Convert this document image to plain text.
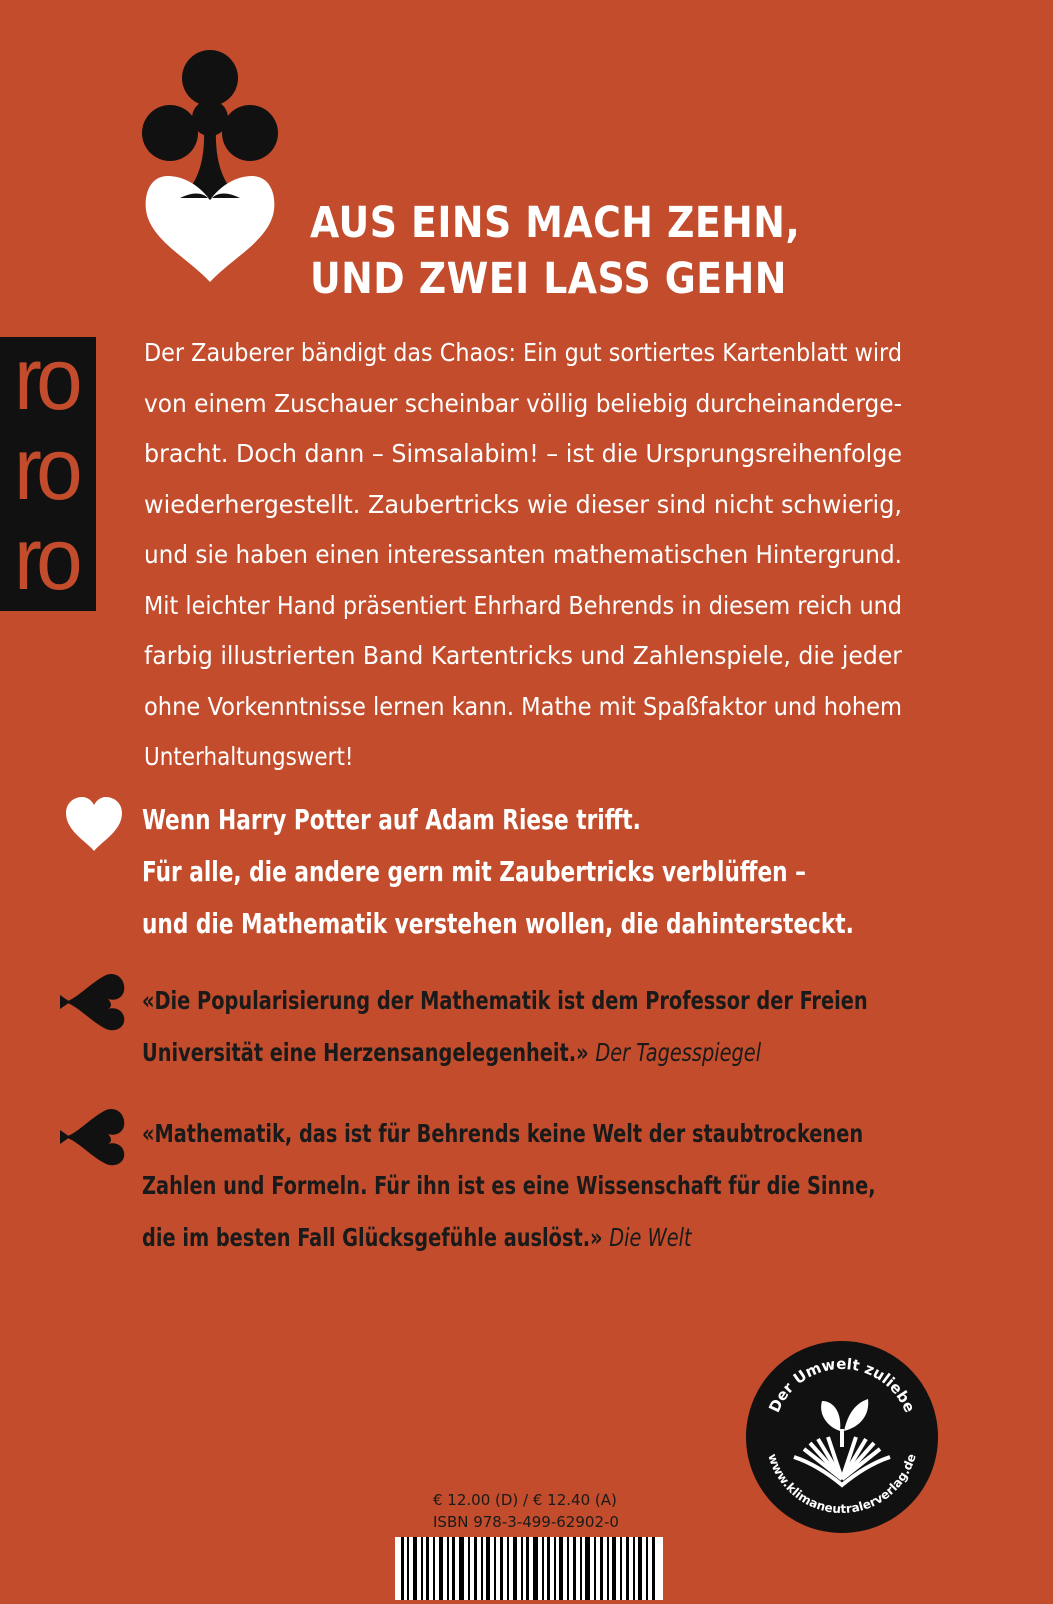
ro
ro
ro
AUS EINS MACH ZEHN,
UND ZWEI LASS GEHN
Der Zauberer bändigt das Chaos: Ein gut sortiertes Kartenblatt wird
von einem Zuschauer scheinbar völlig beliebig durcheinanderge-
bracht. Doch dann – Simsalabim! – ist die Ursprungsreihenfolge
wiederhergestellt. Zaubertricks wie dieser sind nicht schwierig,
und sie haben einen interessanten mathematischen Hintergrund.
Mit leichter Hand präsentiert Ehrhard Behrends in diesem reich und
farbig illustrierten Band Kartentricks und Zahlenspiele, die jeder
ohne Vorkenntnisse lernen kann. Mathe mit Spaßfaktor und hohem
Unterhaltungswert!
Wenn Harry Potter auf Adam Riese trifft.
Für alle, die andere gern mit Zaubertricks verblüffen –
und die Mathematik verstehen wollen, die dahintersteckt.
«Die Popularisierung der Mathematik ist dem Professor der Freien
Universität eine Herzensangelegenheit.» Der Tagesspiegel
«Mathematik, das ist für Behrends keine Welt der staubtrockenen
Zahlen und Formeln. Für ihn ist es eine Wissenschaft für die Sinne,
die im besten Fall Glücksgefühle auslöst.» Die Welt
Der Umwelt zuliebe
www.klimaneutralerverlag.de
€ 12.00 (D) / € 12.40 (A)
ISBN 978-3-499-62902-0
